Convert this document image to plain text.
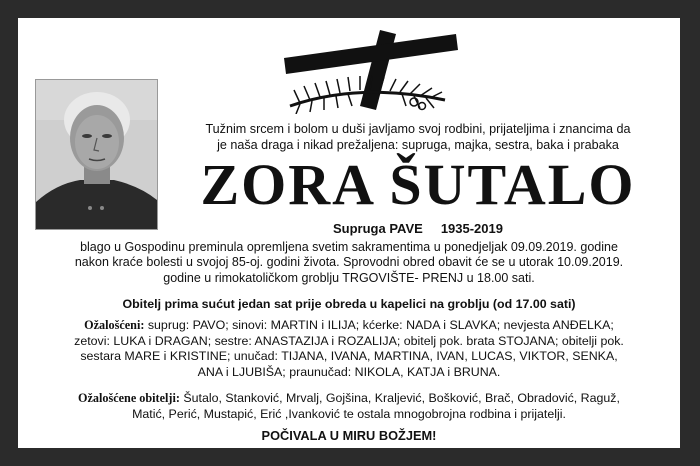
Tužnim srcem i bolom u duši javljamo svoj rodbini, prijateljima i znancima da
je naša draga i nikad prežaljena: supruga, majka, sestra, baka i prabaka
ZORA ŠUTALO
Supruga PAVE 1935-2019
blago u Gospodinu preminula opremljena svetim sakramentima u ponedjeljak 09.09.2019. godine
nakon kraće bolesti u svojoj 85-oj. godini života. Sprovodni obred obavit će se u utorak 10.09.2019.
godine u rimokatoličkom groblju TRGOVIŠTE- PRENJ u 18.00 sati.
Obitelj prima sućut jedan sat prije obreda u kapelici na groblju (od 17.00 sati)
Ožalošćeni: suprug: PAVO; sinovi: MARTIN i ILIJA; kćerke: NADA i SLAVKA; nevjesta ANĐELKA;
zetovi: LUKA i DRAGAN; sestre: ANASTAZIJA i ROZALIJA; obitelj pok. brata STOJANA; obitelji pok.
sestara MARE i KRISTINE; unučad: TIJANA, IVANA, MARTINA, IVAN, LUCAS, VIKTOR, SENKA,
ANA i LJUBIŠA; praunučad: NIKOLA, KATJA i BRUNA.
Ožalošćene obitelji: Šutalo, Stanković, Mrvalj, Gojšina, Kraljević, Bošković, Brač, Obradović, Raguž,
Matić, Perić, Mustapić, Erić ,Ivanković te ostala mnogobrojna rodbina i prijatelji.
POČIVALA U MIRU BOŽJEM!
